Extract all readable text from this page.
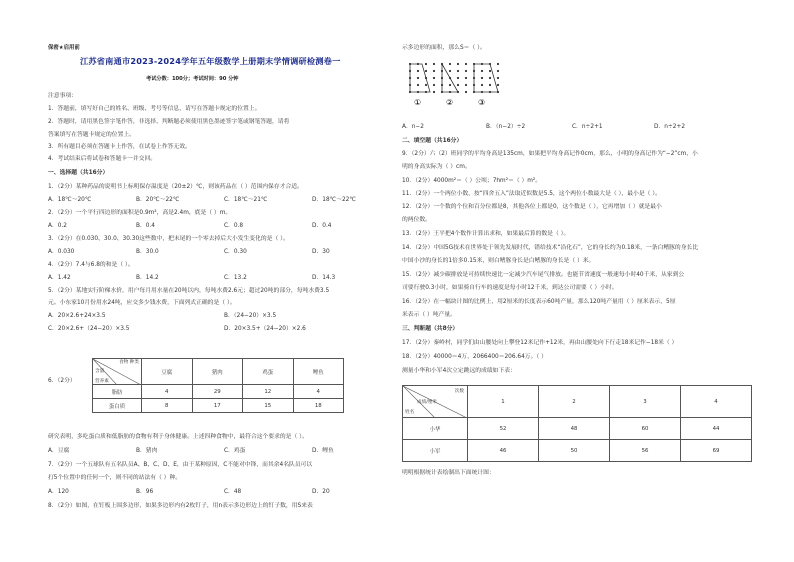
保密★启用前
江苏省南通市2023-2024学年五年级数学上册期末学情调研检测卷一
考试分数：100分；考试时间：90 分钟
注意事项：
1．答题前，填写好自己的姓名、班级、考号等信息，请写在答题卡规定的位置上。
2．答题时，请用黑色签字笔作答，非选择、判断题必须使用黑色墨迹签字笔或钢笔答题，请将
答案填写在答题卡规定的位置上。
3．所有题目必须在答题卡上作答，在试卷上作答无效。
4．考试结束后将试卷和答题卡一并交回。
一、选择题（共16分）
1．（2分）某种药品的说明书上标明保存温度是（20±2）℃，则该药品在（ ）范围内保存才合适。
A．18℃～20℃	B．20℃～22℃	C．18℃～21℃	D．18℃～22℃
2．（2分）一个平行四边形的面积是0.9m²，高是2.4m，底是（ ）m。
A．0.2	B．0.4	C．0.8	D．0.4
3．（2分）在0.030、30.0、30.30这些数中，把末尾的一个零去掉后大小发生变化的是（ ）。
A．0.030	B．30.0	C．0.30	D．30
4．（2分）7.4与6.8的和是（ ）。
A．1.42	B．14.2	C．13.2	D．14.3
5．（2分）某地实行阶梯水价，用户每月用水量在20吨以内，每吨水费2.6元；超过20吨的部分，每吨水费3.5
元。小东家10月份用水24吨，应交多少钱水费，下面列式正确的是（ ）。
A．20×2.6+24×3.5	B．（24−20）×3.5
C．20×2.6+（24−20）×3.5	D．20×3.5+（24−20）×2.6
6．（2分）
食物 种类
含量
营养素	豆腐	猪肉	鸡蛋	鲤鱼
脂肪	4	29	12	4
蛋白质	8	17	15	18
研究表明，多吃蛋白质和低脂肪的食物有利于身体健康。上述四种食物中，最符合这个要求的是（ ）。
A．豆腐	B．猪肉	C．鸡蛋	D．鲤鱼
7．（2分）一个五球队有五名队员A、B、C、D、E，由于某种原因，C不能对中锋，而其余4名队员可以
打5个位置中的任何一个，则不同的站法有（ ）种。
A．120	B．96	C．48	D．20
8．（2分）如图，在钉板上围多边形，如果多边形内有2枚钉子，用n表示多边形边上的钉子数，用S来表
示多边形的面积，那么S＝（ ）。
①	②	③
A．n−2	B．（n−2）÷2	C．n÷2+1	D．n÷2+2
二、填空题（共16分）
9．（2分）六（2）班同学的平均身高是135cm，如果把平均身高记作0cm，那么，小明的身高记作为“−2”cm，小
明的身高实际为（ ）cm。
10．（2分）4000m²＝（ ）公顷；7hm²＝（ ）m²。
11．（2分）一个两位小数，按“四舍五入”法取近似数是5.5，这个两位小数最大是（ ），最小是（ ）。
12．（2分）一个数的个位和百分位都是8，其他各位上都是0，这个数是（ ），它再增加（ ）就是最小
的两位数。
13．（2分）王平把4个数作计算出求和，如果最后算的数是（ ）。
14．（2分）中国5G技术在世界处于领先发展时代，错给技术“沿化石”，它的身长约为0.18米，一条白鳍豚的身长比
中国小沙的身长的1倍多0.15米，则白鳍豚身长是白鳍豚的身长是（ ）米。
15．（2分）减少碳排放是可持续快速比一定减少汽车尾气排放。也能节省速度一般速每小时40千米，从家到公
司要行驶0.3小时，如果骑自行车的速度是每小时12千米，到达公司需要（ ）小时。
16．（2分）在一幅块计图的比例上，用2厘米的长度表示60吨产量，那么120吨产量用（ ）厘米表示，5厘
米表示（ ）吨产量。
三、判断题（共8分）
17．（2分）秦岭村，同学们由山腰处向上攀登12米记作+12米，再由山腰处向下行走18米记作−18米（ ）
18．（2分）40000＝4万，2066400＝206.64万。（ ）
测量小华和小军4次立定跳远的成绩如下表：
次数
成绩/厘米
姓名	1	2	3	4
小华	52	48	60	44
小军	46	50	56	69
明明根据统计表绘制出下面统计图：
